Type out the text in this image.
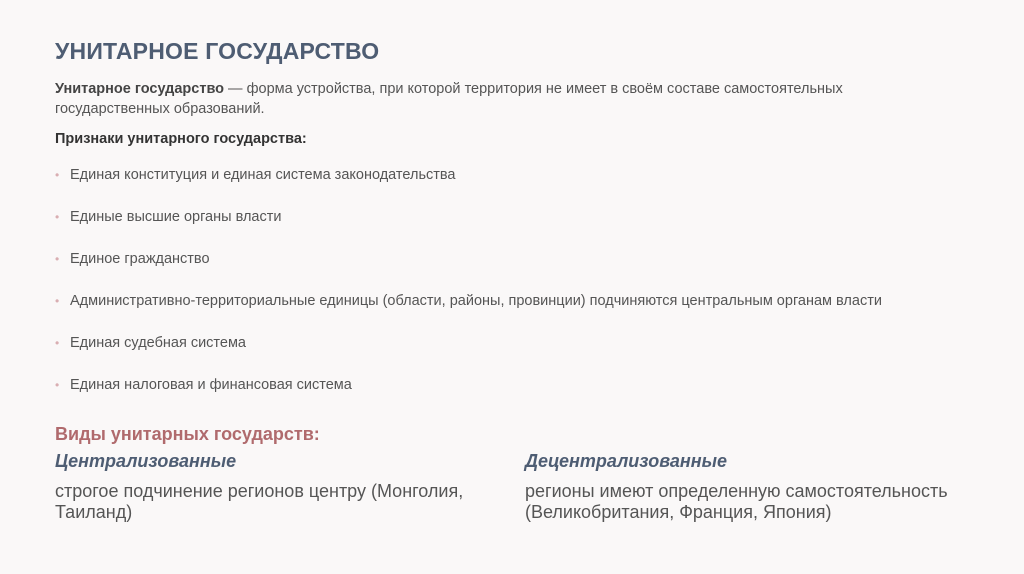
УНИТАРНОЕ ГОСУДАРСТВО
Унитарное государство — форма устройства, при которой территория не имеет в своём составе самостоятельных государственных образований.
Признаки унитарного государства:
• Единая конституция и единая система законодательства
• Единые высшие органы власти
• Единое гражданство
• Административно-территориальные единицы (области, районы, провинции) подчиняются центральным органам власти
• Единая судебная система
• Единая налоговая и финансовая система
Виды унитарных государств:
Централизованные
строгое подчинение регионов центру (Монголия, Таиланд)
Децентрализованные
регионы имеют определенную самостоятельность (Великобритания, Франция, Япония)
